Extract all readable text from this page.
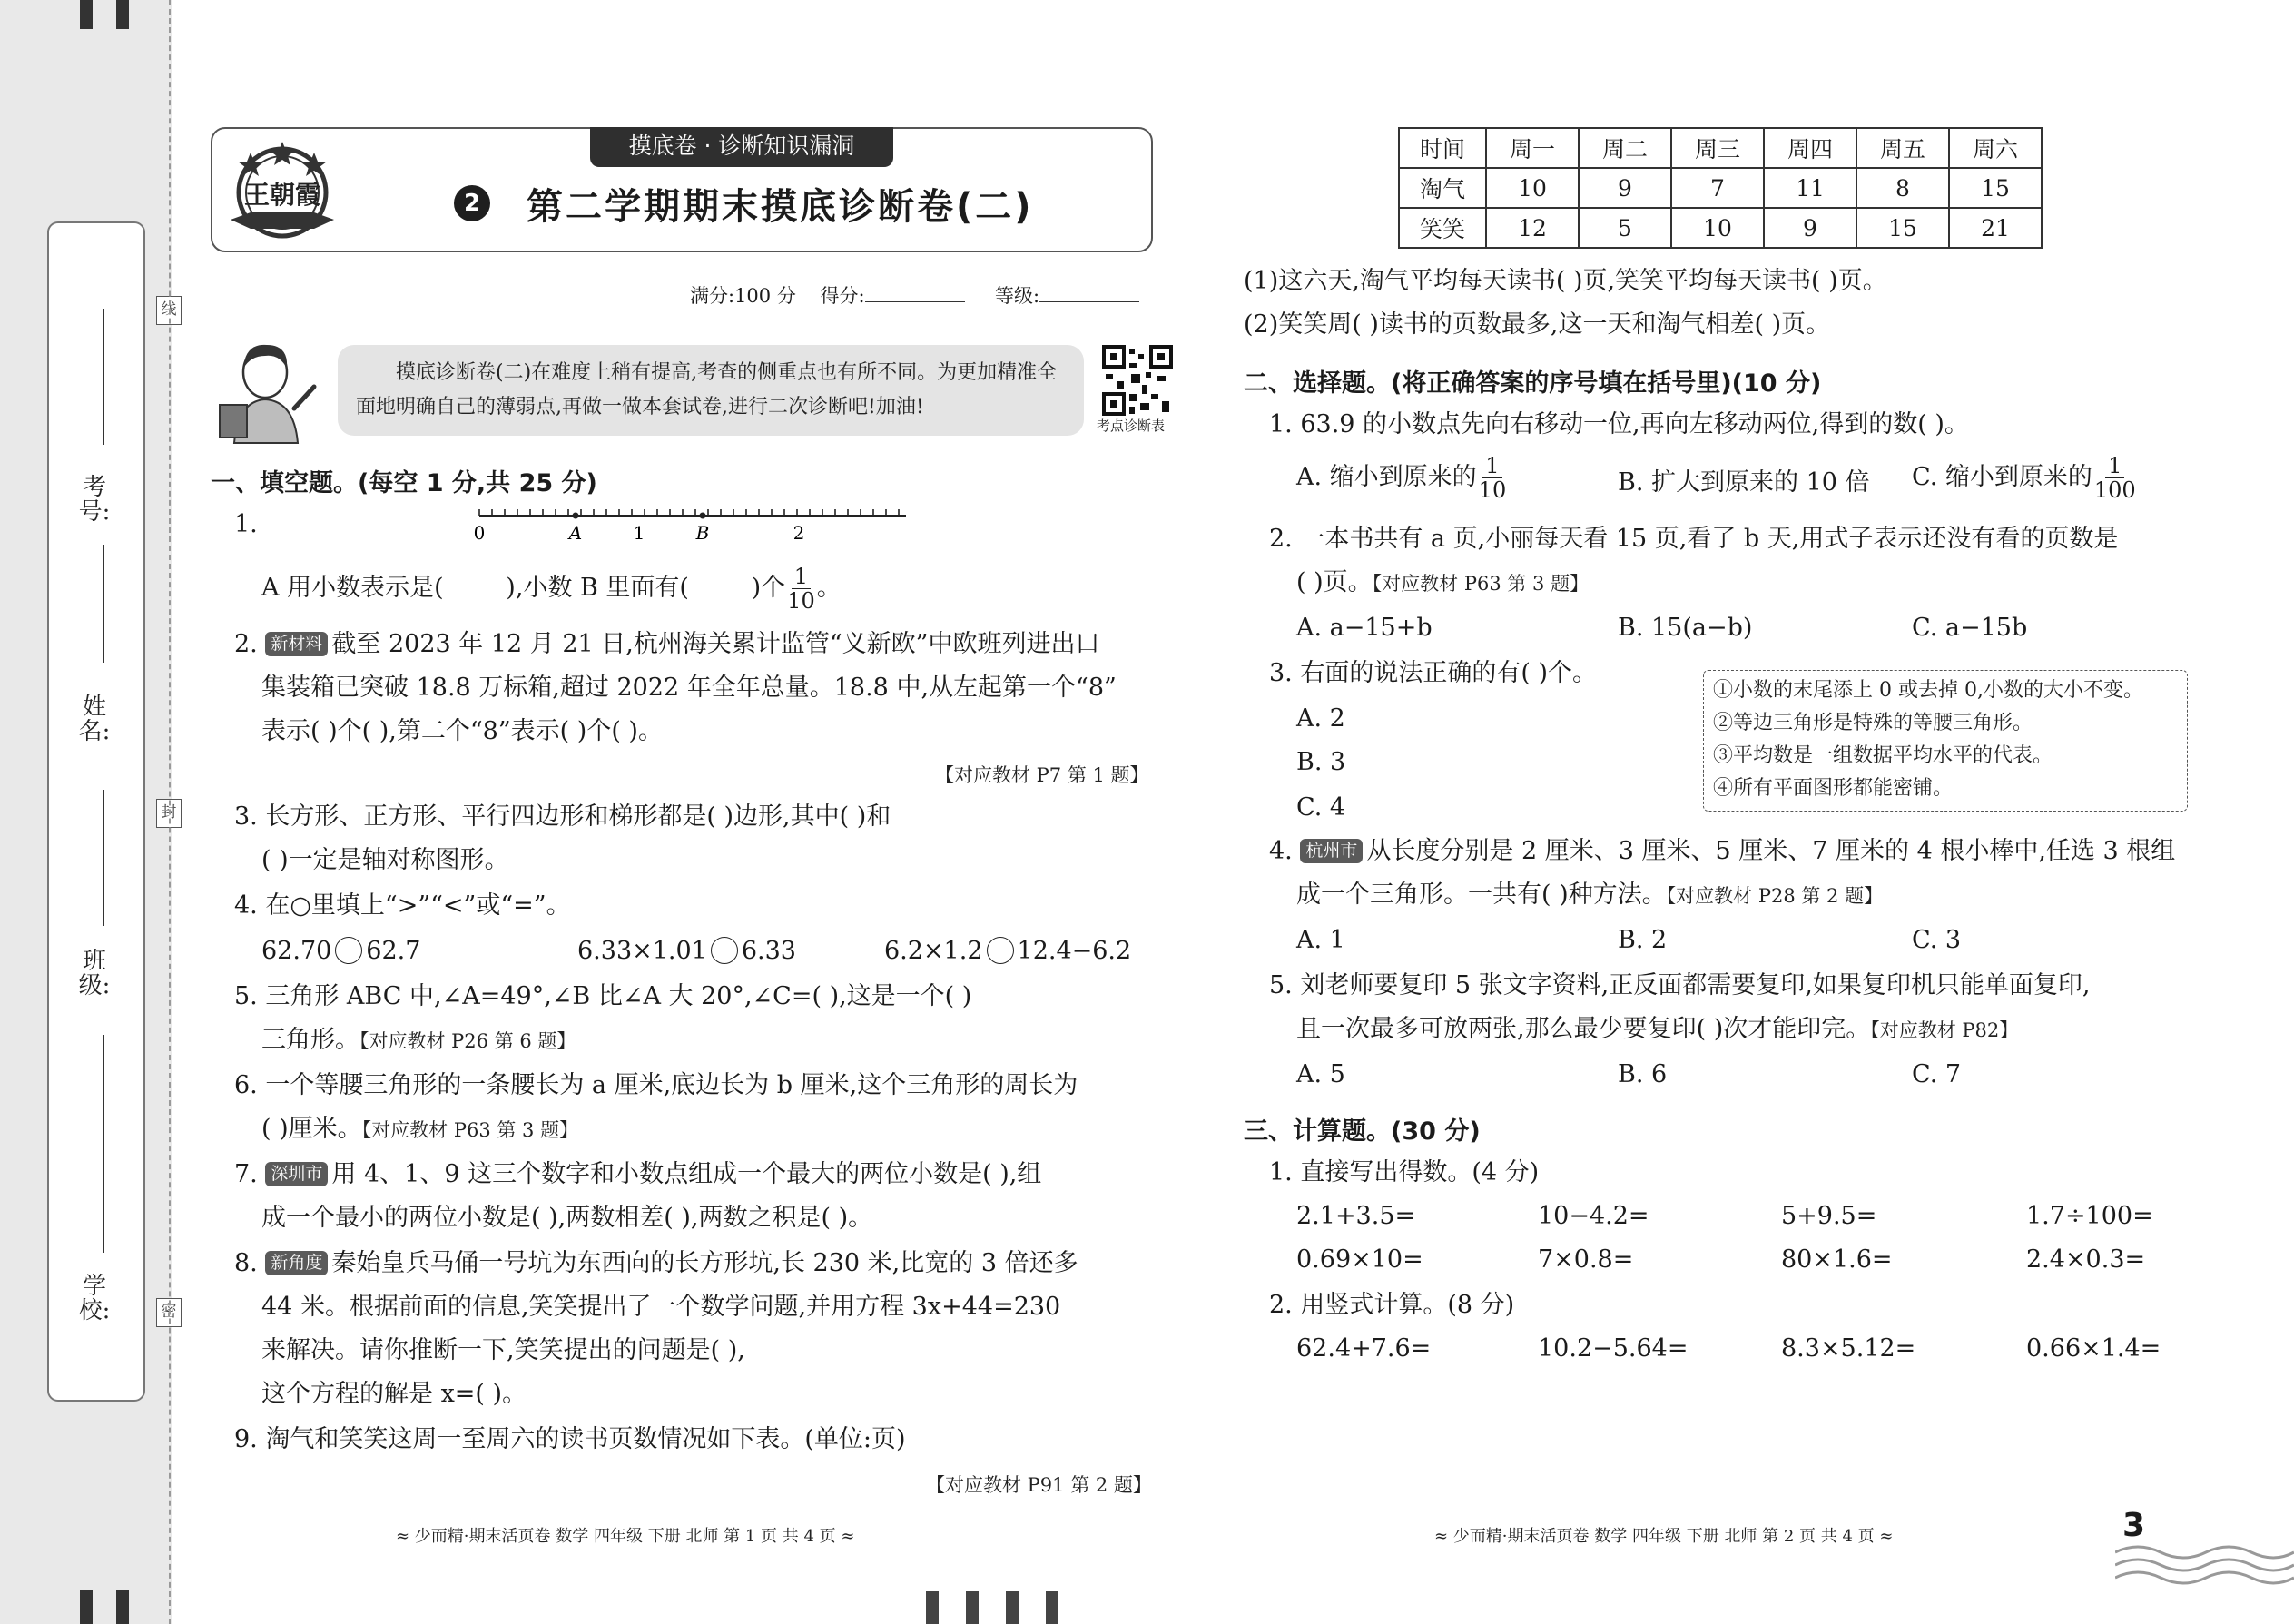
考号:
姓名:
班级:
学校:
线
封
密
摸底卷 · 诊断知识漏洞
王朝霞	2 第二学期期末摸底诊断卷(二)
满分:100 分 得分:	等级:
摸底诊断卷(二)在难度上稍有提高,考查的侧重点也有所不同。为更加精准全面地明确自己的薄弱点,再做一做本套试卷,进行二次诊断吧!加油!
考点诊断表
一、填空题。(每空 1 分,共 25 分)
1.	0	A	1	B	2
A 用小数表示是(	),小数 B 里面有(	)个 $\frac{1}{10}$ 。
2. 新材料 截至 2023 年 12 月 21 日,杭州海关累计监管“义新欧”中欧班列进出口
集装箱已突破 18.8 万标箱,超过 2022 年全年总量。18.8 中,从左起第一个“8”
表示( )个( ),第二个“8”表示( )个( )。
【对应教材 P7 第 1 题】
3. 长方形、正方形、平行四边形和梯形都是( )边形,其中( )和
( )一定是轴对称图形。
4. 在○里填上“>”“<”或“=”。
62.70 62.7	6.33×1.01 6.33	6.2×1.2 12.4−6.2
5. 三角形 ABC 中,∠A=49°,∠B 比∠A 大 20°,∠C=( ),这是一个( )
三角形。【对应教材 P26 第 6 题】
6. 一个等腰三角形的一条腰长为 a 厘米,底边长为 b 厘米,这个三角形的周长为
( )厘米。【对应教材 P63 第 3 题】
7. 深圳市 用 4、1、9 这三个数字和小数点组成一个最大的两位小数是( ),组
成一个最小的两位小数是( ),两数相差( ),两数之积是( )。
8. 新角度 秦始皇兵马俑一号坑为东西向的长方形坑,长 230 米,比宽的 3 倍还多
44 米。根据前面的信息,笑笑提出了一个数学问题,并用方程 3x+44=230
来解决。请你推断一下,笑笑提出的问题是( ),
这个方程的解是 x=( )。
9. 淘气和笑笑这周一至周六的读书页数情况如下表。(单位:页)
【对应教材 P91 第 2 题】
≈ 少而精·期末活页卷 数学 四年级 下册 北师 第 1 页 共 4 页 ≈
时间	周一	周二	周三	周四	周五	周六
淘气	10	9	7	11	8	15
笑笑	12	5	10	9	15	21
(1)这六天,淘气平均每天读书( )页,笑笑平均每天读书( )页。
(2)笑笑周( )读书的页数最多,这一天和淘气相差( )页。
二、选择题。(将正确答案的序号填在括号里)(10 分)
1. 63.9 的小数点先向右移动一位,再向左移动两位,得到的数( )。
A. 缩小到原来的 $\frac{1}{10}$	B. 扩大到原来的 10 倍 C. 缩小到原来的 $\frac{1}{100}$
2. 一本书共有 a 页,小丽每天看 15 页,看了 b 天,用式子表示还没有看的页数是
( )页。【对应教材 P63 第 3 题】
A. a−15+b	B. 15(a−b)	C. a−15b
3. 右面的说法正确的有( )个。
A. 2
B. 3
C. 4
①小数的末尾添上 0 或去掉 0,小数的大小不变。
②等边三角形是特殊的等腰三角形。
③平均数是一组数据平均水平的代表。
④所有平面图形都能密铺。
4. 杭州市 从长度分别是 2 厘米、3 厘米、5 厘米、7 厘米的 4 根小棒中,任选 3 根组
成一个三角形。一共有( )种方法。【对应教材 P28 第 2 题】
A. 1	B. 2	C. 3
5. 刘老师要复印 5 张文字资料,正反面都需要复印,如果复印机只能单面复印,
且一次最多可放两张,那么最少要复印( )次才能印完。【对应教材 P82】
A. 5	B. 6	C. 7
三、计算题。(30 分)
1. 直接写出得数。(4 分)
2.1+3.5=	10−4.2=	5+9.5=	1.7÷100=
0.69×10=	7×0.8=	80×1.6=	2.4×0.3=
2. 用竖式计算。(8 分)
62.4+7.6=	10.2−5.64=	8.3×5.12=	0.66×1.4=
≈ 少而精·期末活页卷 数学 四年级 下册 北师 第 2 页 共 4 页 ≈	3
